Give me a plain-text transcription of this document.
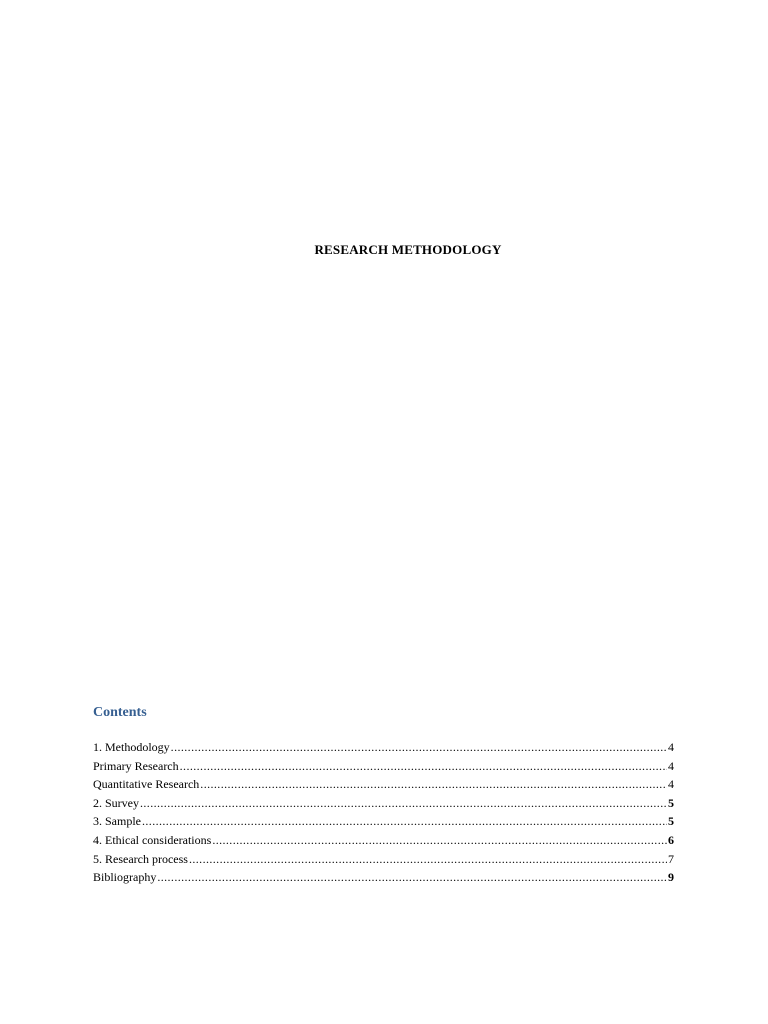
RESEARCH METHODOLOGY
Contents
1. Methodology .....	4
Primary Research .....	4
Quantitative Research .....	4
2. Survey .....	5
3. Sample .....	5
4. Ethical considerations .....	6
5. Research process .....	7
Bibliography .....	9
